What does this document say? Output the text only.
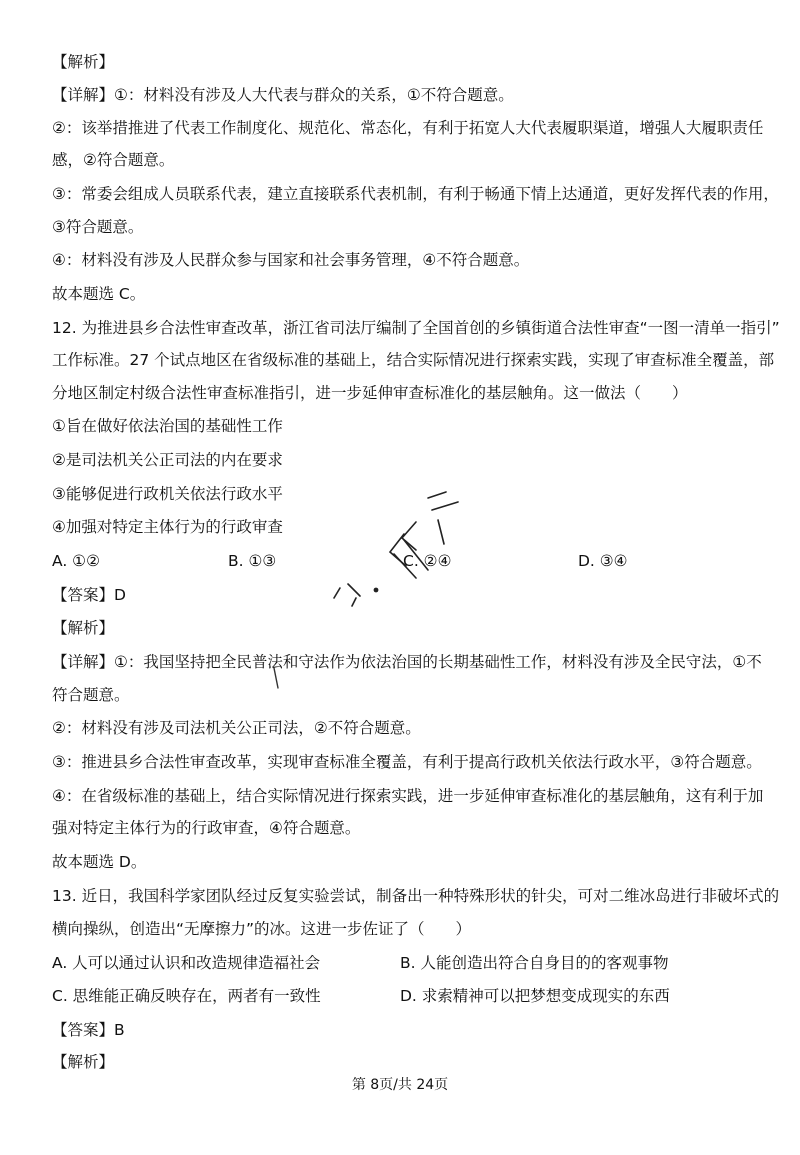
【解析】
【详解】①：材料没有涉及人大代表与群众的关系，①不符合题意。
②：该举措推进了代表工作制度化、规范化、常态化，有利于拓宽人大代表履职渠道，增强人大履职责任
感，②符合题意。
③：常委会组成人员联系代表，建立直接联系代表机制，有利于畅通下情上达通道，更好发挥代表的作用，
③符合题意。
④：材料没有涉及人民群众参与国家和社会事务管理，④不符合题意。
故本题选 C。
12. 为推进县乡合法性审查改革，浙江省司法厅编制了全国首创的乡镇街道合法性审查“一图一清单一指引”
工作标准。27 个试点地区在省级标准的基础上，结合实际情况进行探索实践，实现了审查标准全覆盖，部
分地区制定村级合法性审查标准指引，进一步延伸审查标准化的基层触角。这一做法（　　）
①旨在做好依法治国的基础性工作
②是司法机关公正司法的内在要求
③能够促进行政机关依法行政水平
④加强对特定主体行为的行政审查
A. ①②	B. ①③	C. ②④	D. ③④
【答案】D
【解析】
【详解】①：我国坚持把全民普法和守法作为依法治国的长期基础性工作，材料没有涉及全民守法，①不
符合题意。
②：材料没有涉及司法机关公正司法，②不符合题意。
③：推进县乡合法性审查改革，实现审查标准全覆盖，有利于提高行政机关依法行政水平，③符合题意。
④：在省级标准的基础上，结合实际情况进行探索实践，进一步延伸审查标准化的基层触角，这有利于加
强对特定主体行为的行政审查，④符合题意。
故本题选 D。
13. 近日，我国科学家团队经过反复实验尝试，制备出一种特殊形状的针尖，可对二维冰岛进行非破坏式的
横向操纵，创造出“无摩擦力”的冰。这进一步佐证了（　　）
A. 人可以通过认识和改造规律造福社会	B. 人能创造出符合自身目的的客观事物
C. 思维能正确反映存在，两者有一致性	D. 求索精神可以把梦想变成现实的东西
【答案】B
【解析】
第 8页/共 24页
